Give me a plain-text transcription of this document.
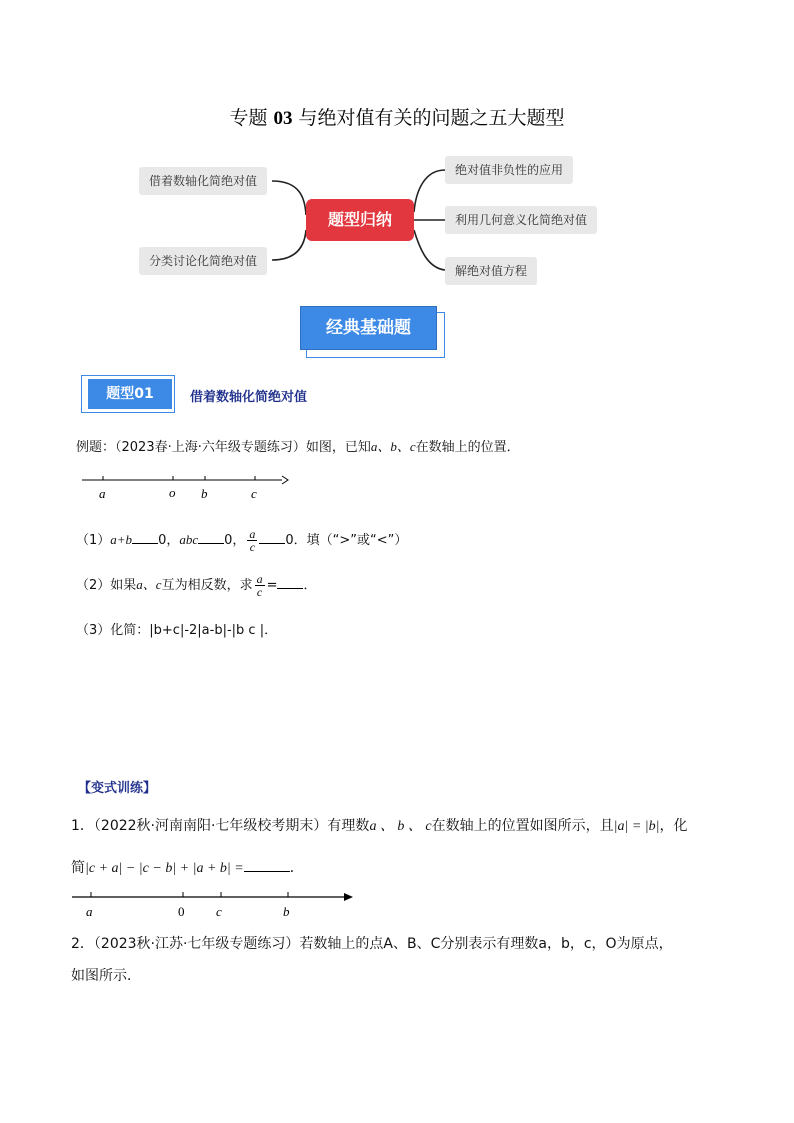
专题 03 与绝对值有关的问题之五大题型
借着数轴化简绝对值
分类讨论化简绝对值
题型归纳
绝对值非负性的应用
利用几何意义化简绝对值
解绝对值方程
经典基础题
题型01	借着数轴化简绝对值
例题：（2023春·上海·六年级专题练习）如图，已知a、b、c在数轴上的位置．
a	o b	c
（1）a+b 0，abc 0， $\frac{a}{c} 0$．填（“>”或“<”）
（2）如果a、c互为相反数，求 $\frac{a}{c}$ = ．
（3）化简：|b+c|-2|a-b|-|b c |．
【变式训练】
1．（2022秋·河南南阳·七年级校考期末）有理数a 、 b 、 c在数轴上的位置如图所示，且|a| = |b|，化
简|c + a| − |c − b| + |a + b| =	．
a	0 c	b
2．（2023秋·江苏·七年级专题练习）若数轴上的点A、B、C分别表示有理数a，b，c，O为原点，
如图所示．
